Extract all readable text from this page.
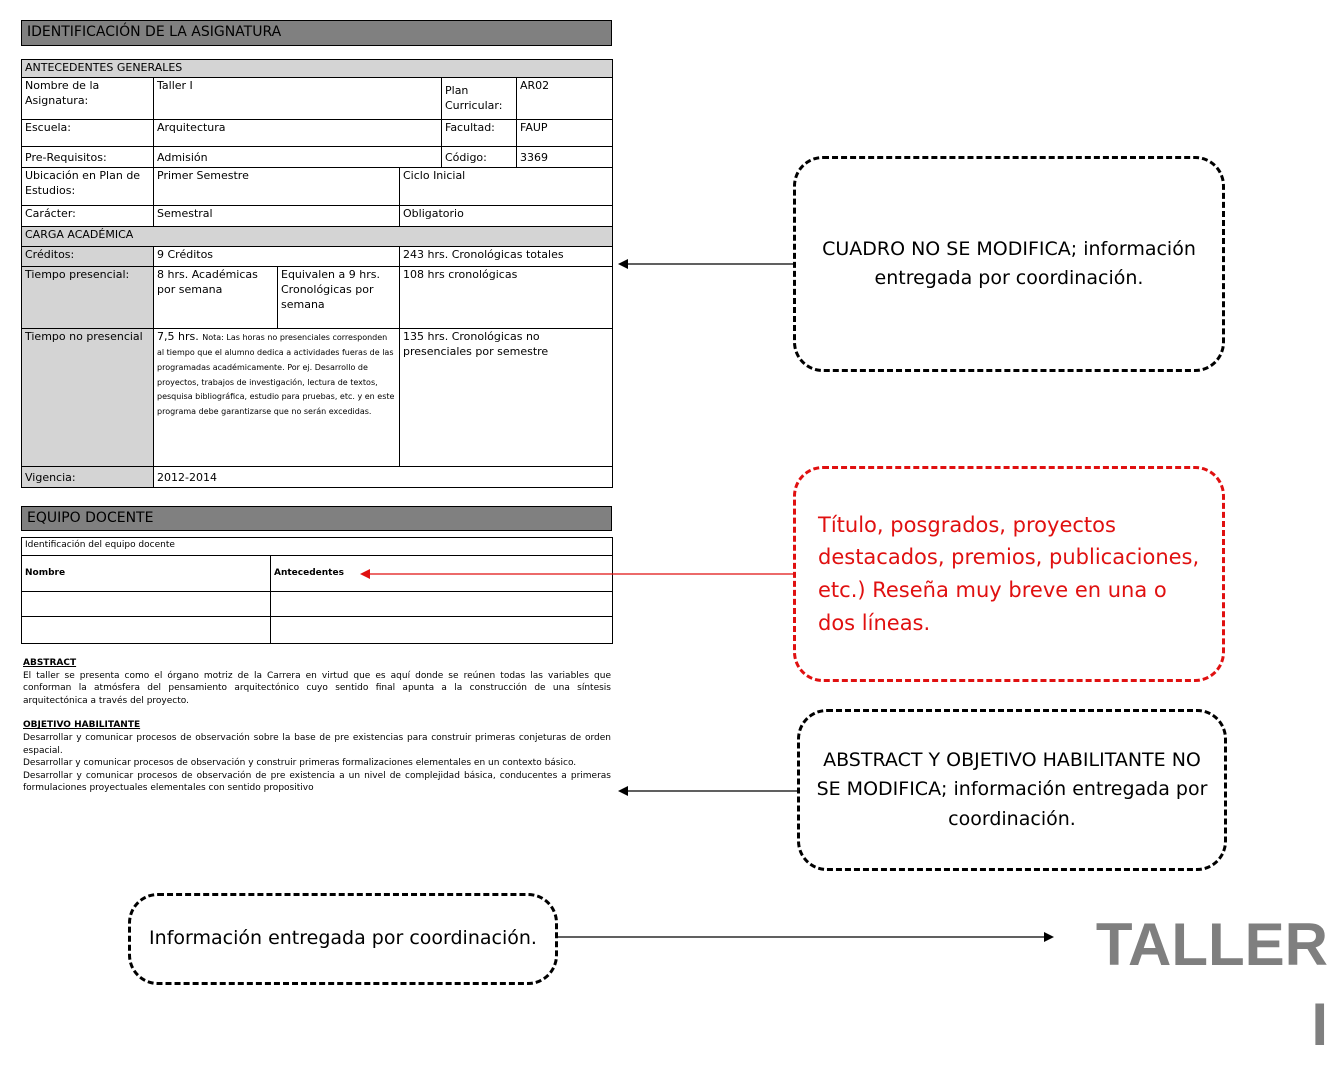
IDENTIFICACIÓN DE LA ASIGNATURA
ANTECEDENTES GENERALES					
Nombre de la Asignatura:	Taller I			Plan Curricular:	AR02
Escuela:	Arquitectura			Facultad:	FAUP
Pre-Requisitos:	Admisión			Código:	3369
Ubicación en Plan de Estudios:	Primer Semestre		Ciclo Inicial		
Carácter:	Semestral		Obligatorio		
CARGA ACADÉMICA					
Créditos:	9 Créditos		243 hrs. Cronológicas totales		
Tiempo presencial:	8 hrs. Académicas por semana	Equivalen a 9 hrs. Cronológicas por semana	108 hrs cronológicas		
Tiempo no presencial	7,5 hrs. Nota: Las horas no presenciales corresponden al tiempo que el alumno dedica a actividades fueras de las programadas académicamente. Por ej. Desarrollo de proyectos, trabajos de investigación, lectura de textos, pesquisa bibliográfica, estudio para pruebas, etc. y en este programa debe garantizarse que no serán excedidas.		135 hrs. Cronológicas no presenciales por semestre		
Vigencia:	2012-2014				
EQUIPO DOCENTE
Identificación del equipo docente	
Nombre	Antecedentes

ABSTRACT
El taller se presenta como el órgano motriz de la Carrera en virtud que es aquí donde se reúnen todas las variables que conforman la atmósfera del pensamiento arquitectónico cuyo sentido final apunta a la construcción de una síntesis arquitectónica a través del proyecto.
OBJETIVO HABILITANTE
Desarrollar y comunicar procesos de observación sobre la base de pre existencias para construir primeras conjeturas de orden espacial.
Desarrollar y comunicar procesos de observación y construir primeras formalizaciones elementales en un contexto básico.
Desarrollar y comunicar procesos de observación de pre existencia a un nivel de complejidad básica, conducentes a primeras formulaciones proyectuales elementales con sentido propositivo
CUADRO NO SE MODIFICA; información entregada por coordinación.
Título, posgrados, proyectos destacados, premios, publicaciones, etc.) Reseña muy breve en una o dos líneas.
ABSTRACT Y OBJETIVO HABILITANTE NO SE MODIFICA; información entregada por coordinación.
Información entregada por coordinación.	TALLER I
